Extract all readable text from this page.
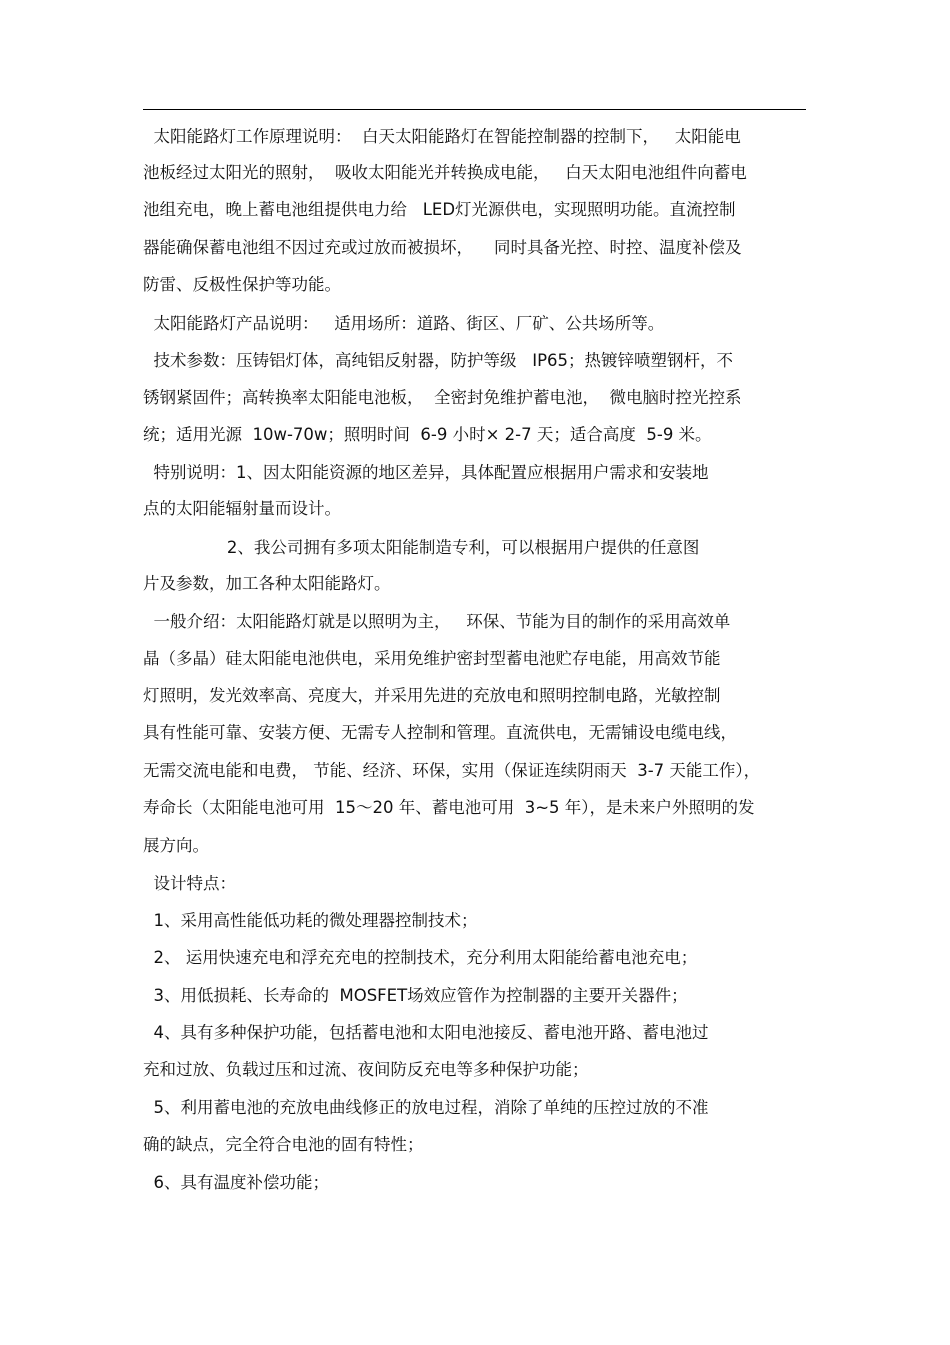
太阳能路灯工作原理说明：  白天太阳能路灯在智能控制器的控制下，   太阳能电
池板经过太阳光的照射，  吸收太阳能光并转换成电能，   白天太阳电池组件向蓄电
池组充电，晚上蓄电池组提供电力给   LED灯光源供电，实现照明功能。直流控制
器能确保蓄电池组不因过充或过放而被损坏，    同时具备光控、时控、温度补偿及
防雷、反极性保护等功能。
太阳能路灯产品说明：   适用场所：道路、街区、厂矿、公共场所等。
技术参数：压铸铝灯体，高纯铝反射器，防护等级   IP65；热镀锌喷塑钢杆，不
锈钢紧固件；高转换率太阳能电池板，  全密封免维护蓄电池，  微电脑时控光控系
统；适用光源  10w-70w；照明时间  6-9 小时× 2-7 天；适合高度  5-9 米。
特别说明：1、因太阳能资源的地区差异，具体配置应根据用户需求和安装地
点的太阳能辐射量而设计。
2、我公司拥有多项太阳能制造专利，可以根据用户提供的任意图
片及参数，加工各种太阳能路灯。
一般介绍：太阳能路灯就是以照明为主，   环保、节能为目的制作的采用高效单
晶（多晶）硅太阳能电池供电，采用免维护密封型蓄电池贮存电能，用高效节能
灯照明，发光效率高、亮度大，并采用先进的充放电和照明控制电路，光敏控制
具有性能可靠、安装方便、无需专人控制和管理。直流供电，无需铺设电缆电线，
无需交流电能和电费， 节能、经济、环保，实用（保证连续阴雨天  3-7 天能工作），
寿命长（太阳能电池可用  15～20 年、蓄电池可用  3~5 年），是未来户外照明的发
展方向。
设计特点：
1、采用高性能低功耗的微处理器控制技术；
2、 运用快速充电和浮充充电的控制技术，充分利用太阳能给蓄电池充电；
3、用低损耗、长寿命的  MOSFET场效应管作为控制器的主要开关器件；
4、具有多种保护功能，包括蓄电池和太阳电池接反、蓄电池开路、蓄电池过
充和过放、负载过压和过流、夜间防反充电等多种保护功能；
5、利用蓄电池的充放电曲线修正的放电过程，消除了单纯的压控过放的不准
确的缺点，完全符合电池的固有特性；
6、具有温度补偿功能；
